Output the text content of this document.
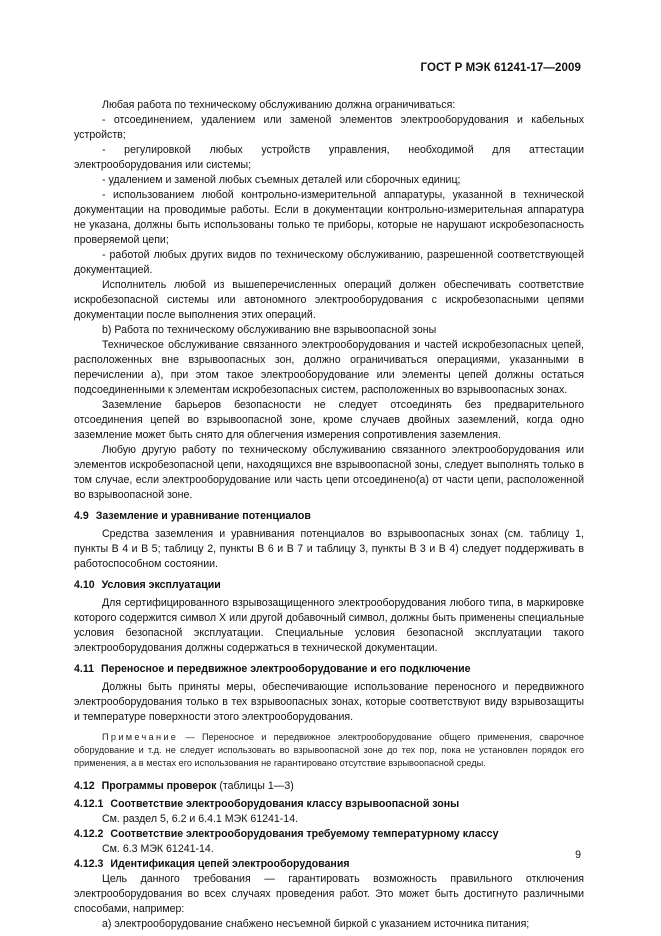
ГОСТ Р МЭК 61241-17—2009

Любая работа по техническому обслуживанию должна ограничиваться:

- отсоединением, удалением или заменой элементов электрооборудования и кабельных устройств;

- регулировкой любых устройств управления, необходимой для аттестации электрооборудования или системы;

- удалением и заменой любых съемных деталей или сборочных единиц;

- использованием любой контрольно-измерительной аппаратуры, указанной в технической документации на проводимые работы. Если в документации контрольно-измерительная аппаратура не указана, должны быть использованы только те приборы, которые не нарушают искробезопасность проверяемой цепи;

- работой любых других видов по техническому обслуживанию, разрешенной соответствующей документацией.

Исполнитель любой из вышеперечисленных операций должен обеспечивать соответствие искробезопасной системы или автономного электрооборудования с искробезопасными цепями документации после выполнения этих операций.

b) Работа по техническому обслуживанию вне взрывоопасной зоны

Техническое обслуживание связанного электрооборудования и частей искробезопасных цепей, расположенных вне взрывоопасных зон, должно ограничиваться операциями, указанными в перечислении а), при этом такое электрооборудование или элементы цепей должны остаться подсоединенными к элементам искробезопасных систем, расположенных во взрывоопасных зонах.

Заземление барьеров безопасности не следует отсоединять без предварительного отсоединения цепей во взрывоопасной зоне, кроме случаев двойных заземлений, когда одно заземление может быть снято для облегчения измерения сопротивления заземления.

Любую другую работу по техническому обслуживанию связанного электрооборудования или элементов искробезопасной цепи, находящихся вне взрывоопасной зоны, следует выполнять только в том случае, если электрооборудование или часть цепи отсоединено(а) от части цепи, расположенной во взрывоопасной зоне.

4.9 Заземление и уравнивание потенциалов

Средства заземления и уравнивания потенциалов во взрывоопасных зонах (см. таблицу 1, пункты В 4 и В 5; таблицу 2, пункты В 6 и В 7 и таблицу 3, пункты В 3 и В 4) следует поддерживать в работоспособном состоянии.

4.10 Условия эксплуатации

Для сертифицированного взрывозащищенного электрооборудования любого типа, в маркировке которого содержится символ X или другой добавочный символ, должны быть применены специальные условия безопасной эксплуатации. Специальные условия безопасной эксплуатации такого электрооборудования должны содержаться в технической документации.

4.11 Переносное и передвижное электрооборудование и его подключение

Должны быть приняты меры, обеспечивающие использование переносного и передвижного электрооборудования только в тех взрывоопасных зонах, которые соответствуют виду взрывозащиты и температуре поверхности этого электрооборудования.

Примечание — Переносное и передвижное электрооборудование общего применения, сварочное оборудование и т.д. не следует использовать во взрывоопасной зоне до тех пор, пока не установлен порядок его применения, а в местах его использования не гарантировано отсутствие взрывоопасной среды.

4.12 Программы проверок (таблицы 1—3)

4.12.1 Соответствие электрооборудования классу взрывоопасной зоны

См. раздел 5, 6.2 и 6.4.1 МЭК 61241-14.

4.12.2 Соответствие электрооборудования требуемому температурному классу

См. 6.3 МЭК 61241-14.

4.12.3 Идентификация цепей электрооборудования

Цель данного требования — гарантировать возможность правильного отключения электрооборудования во всех случаях проведения работ. Это может быть достигнуто различными способами, например:

а) электрооборудование снабжено несъемной биркой с указанием источника питания;

9
